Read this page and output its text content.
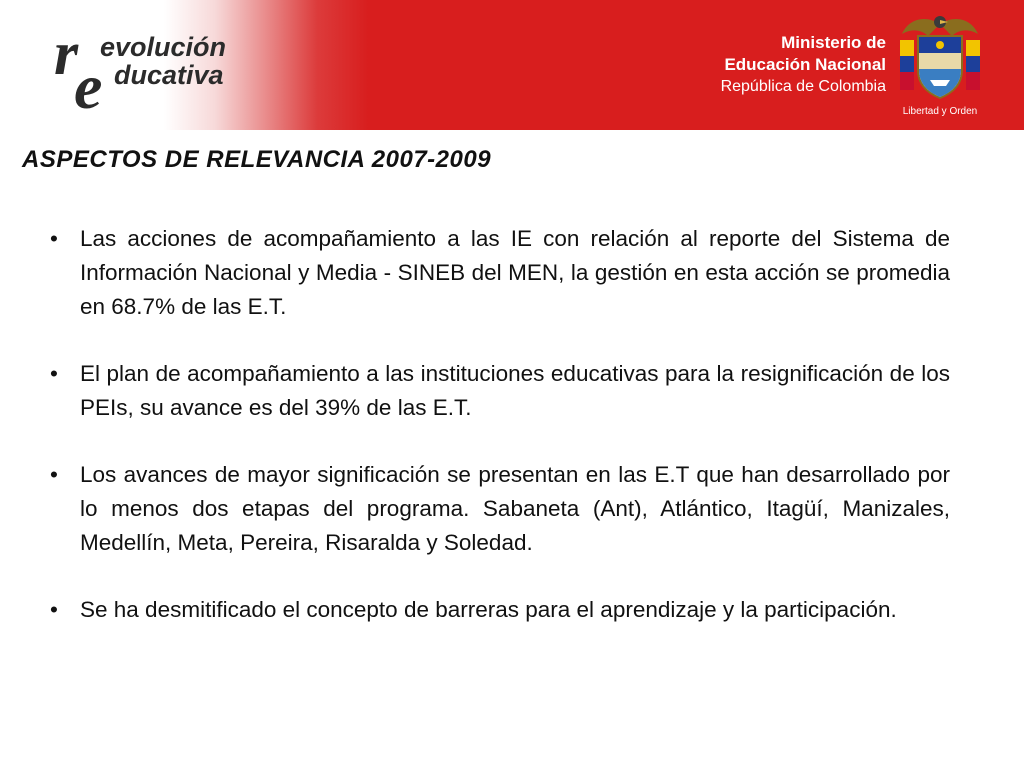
r
e
evolución
ducativa
Ministerio de
Educación Nacional
República de Colombia
Libertad y Orden
ASPECTOS DE RELEVANCIA 2007-2009
• Las acciones de acompañamiento a las IE con relación al reporte del Sistema de Información Nacional y Media - SINEB del MEN, la gestión en esta acción se promedia en 68.7% de las E.T.
• El plan de acompañamiento a las instituciones educativas para la resignificación de los PEIs, su avance es del 39% de las E.T.
• Los avances de mayor significación se presentan en las E.T que han desarrollado por lo menos dos etapas del programa. Sabaneta (Ant), Atlántico, Itagüí, Manizales, Medellín, Meta, Pereira, Risaralda y Soledad.
• Se ha desmitificado el concepto de barreras para el aprendizaje y la participación.
